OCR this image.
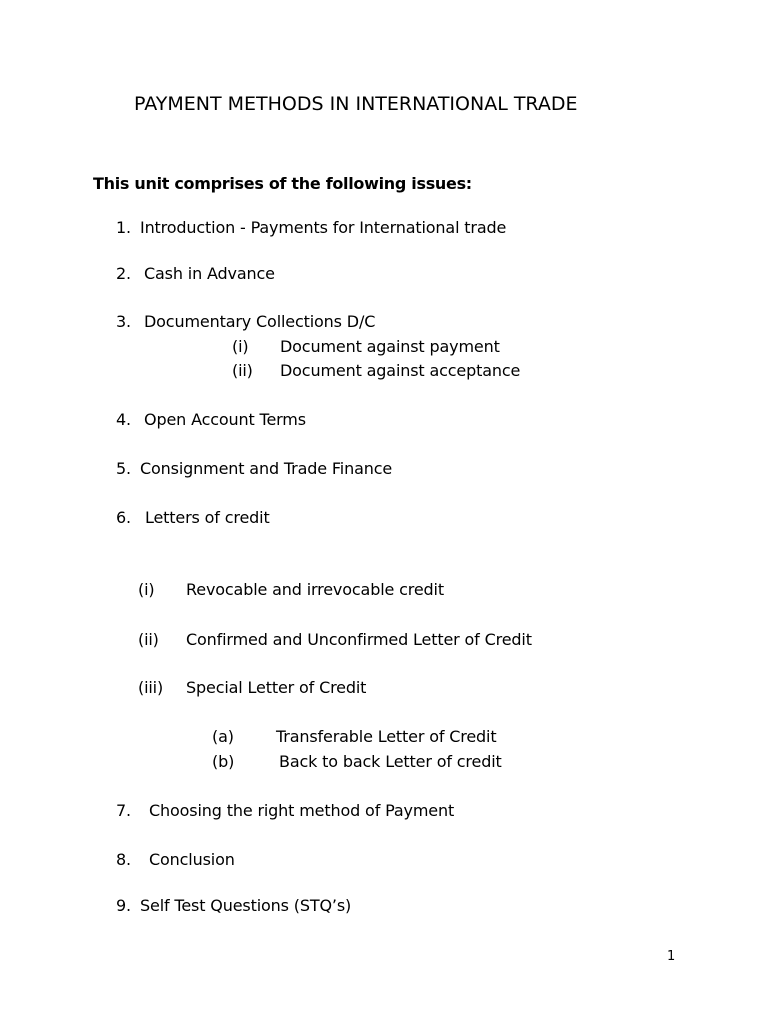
PAYMENT METHODS IN INTERNATIONAL TRADE
This unit comprises of the following issues:
1. Introduction - Payments for International trade
2. Cash in Advance
3. Documentary Collections D/C
(i) Document against payment
(ii) Document against acceptance
4. Open Account Terms
5. Consignment and Trade Finance
6. Letters of credit
(i) Revocable and irrevocable credit
(ii) Confirmed and Unconfirmed Letter of Credit
(iii) Special Letter of Credit
(a)	Transferable Letter of Credit
(b)	Back to back Letter of credit
7. Choosing the right method of Payment
8. Conclusion
9. Self Test Questions (STQ’s)
1
